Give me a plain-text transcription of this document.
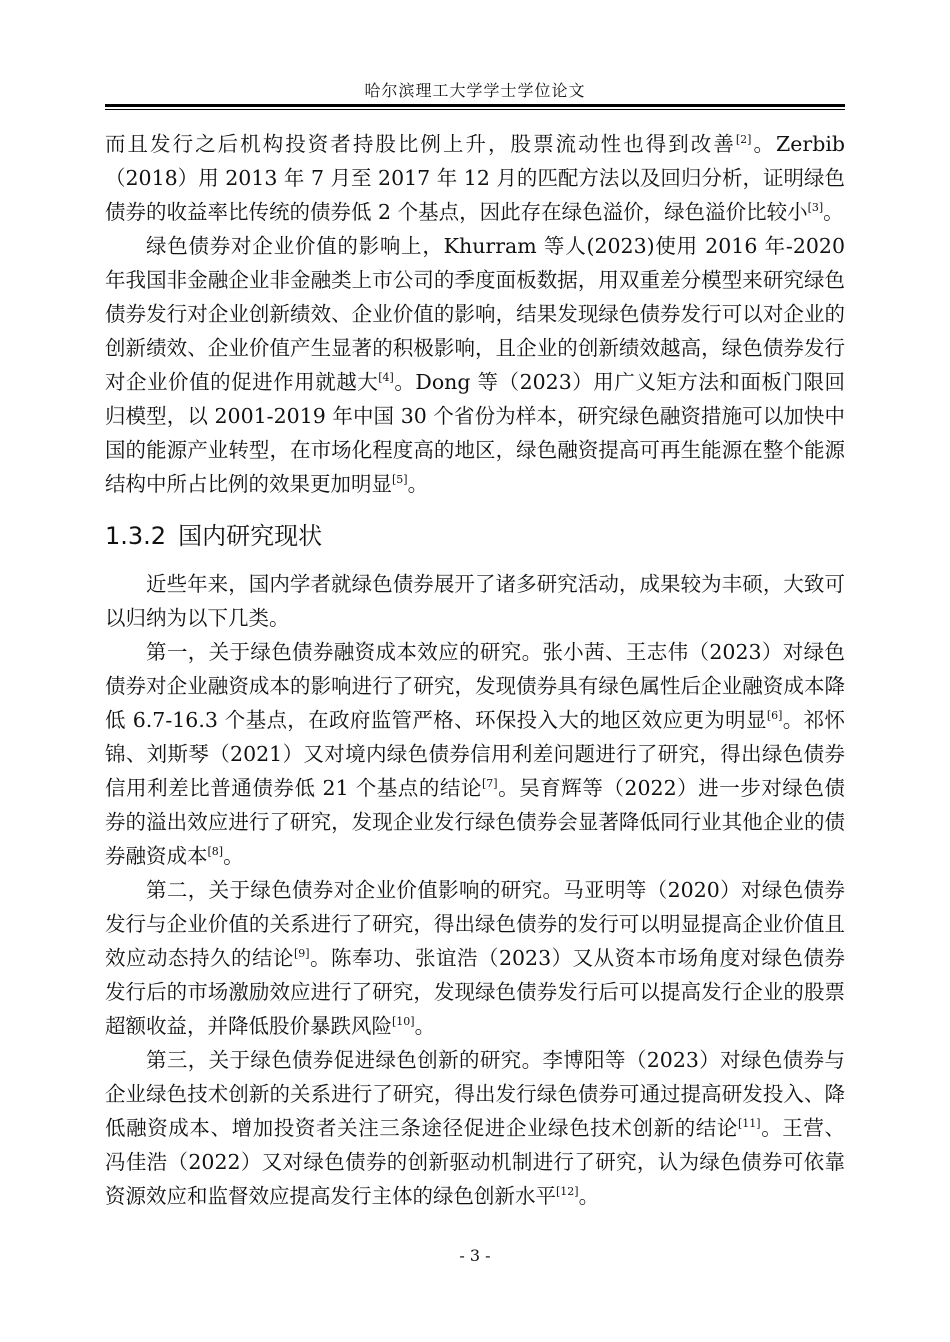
哈尔滨理工大学学士学位论文

而且发行之后机构投资者持股比例上升，股票流动性也得到改善[2]。Zerbib（2018）用 2013 年 7 月至 2017 年 12 月的匹配方法以及回归分析，证明绿色债券的收益率比传统的债券低 2 个基点，因此存在绿色溢价，绿色溢价比较小[3]。

绿色债券对企业价值的影响上，Khurram 等人(2023)使用 2016 年-2020 年我国非金融企业非金融类上市公司的季度面板数据，用双重差分模型来研究绿色债券发行对企业创新绩效、企业价值的影响，结果发现绿色债券发行可以对企业的创新绩效、企业价值产生显著的积极影响，且企业的创新绩效越高，绿色债券发行对企业价值的促进作用就越大[4]。Dong 等（2023）用广义矩方法和面板门限回归模型，以 2001-2019 年中国 30 个省份为样本，研究绿色融资措施可以加快中国的能源产业转型，在市场化程度高的地区，绿色融资提高可再生能源在整个能源结构中所占比例的效果更加明显[5]。

1.3.2 国内研究现状

近些年来，国内学者就绿色债券展开了诸多研究活动，成果较为丰硕，大致可以归纳为以下几类。

第一，关于绿色债券融资成本效应的研究。张小茜、王志伟（2023）对绿色债券对企业融资成本的影响进行了研究，发现债券具有绿色属性后企业融资成本降低 6.7-16.3 个基点，在政府监管严格、环保投入大的地区效应更为明显[6]。祁怀锦、刘斯琴（2021）又对境内绿色债券信用利差问题进行了研究，得出绿色债券信用利差比普通债券低 21 个基点的结论[7]。吴育辉等（2022）进一步对绿色债券的溢出效应进行了研究，发现企业发行绿色债券会显著降低同行业其他企业的债券融资成本[8]。

第二，关于绿色债券对企业价值影响的研究。马亚明等（2020）对绿色债券发行与企业价值的关系进行了研究，得出绿色债券的发行可以明显提高企业价值且效应动态持久的结论[9]。陈奉功、张谊浩（2023）又从资本市场角度对绿色债券发行后的市场激励效应进行了研究，发现绿色债券发行后可以提高发行企业的股票超额收益，并降低股价暴跌风险[10]。

第三，关于绿色债券促进绿色创新的研究。李博阳等（2023）对绿色债券与企业绿色技术创新的关系进行了研究，得出发行绿色债券可通过提高研发投入、降低融资成本、增加投资者关注三条途径促进企业绿色技术创新的结论[11]。王营、冯佳浩（2022）又对绿色债券的创新驱动机制进行了研究，认为绿色债券可依靠资源效应和监督效应提高发行主体的绿色创新水平[12]。

- 3 -
